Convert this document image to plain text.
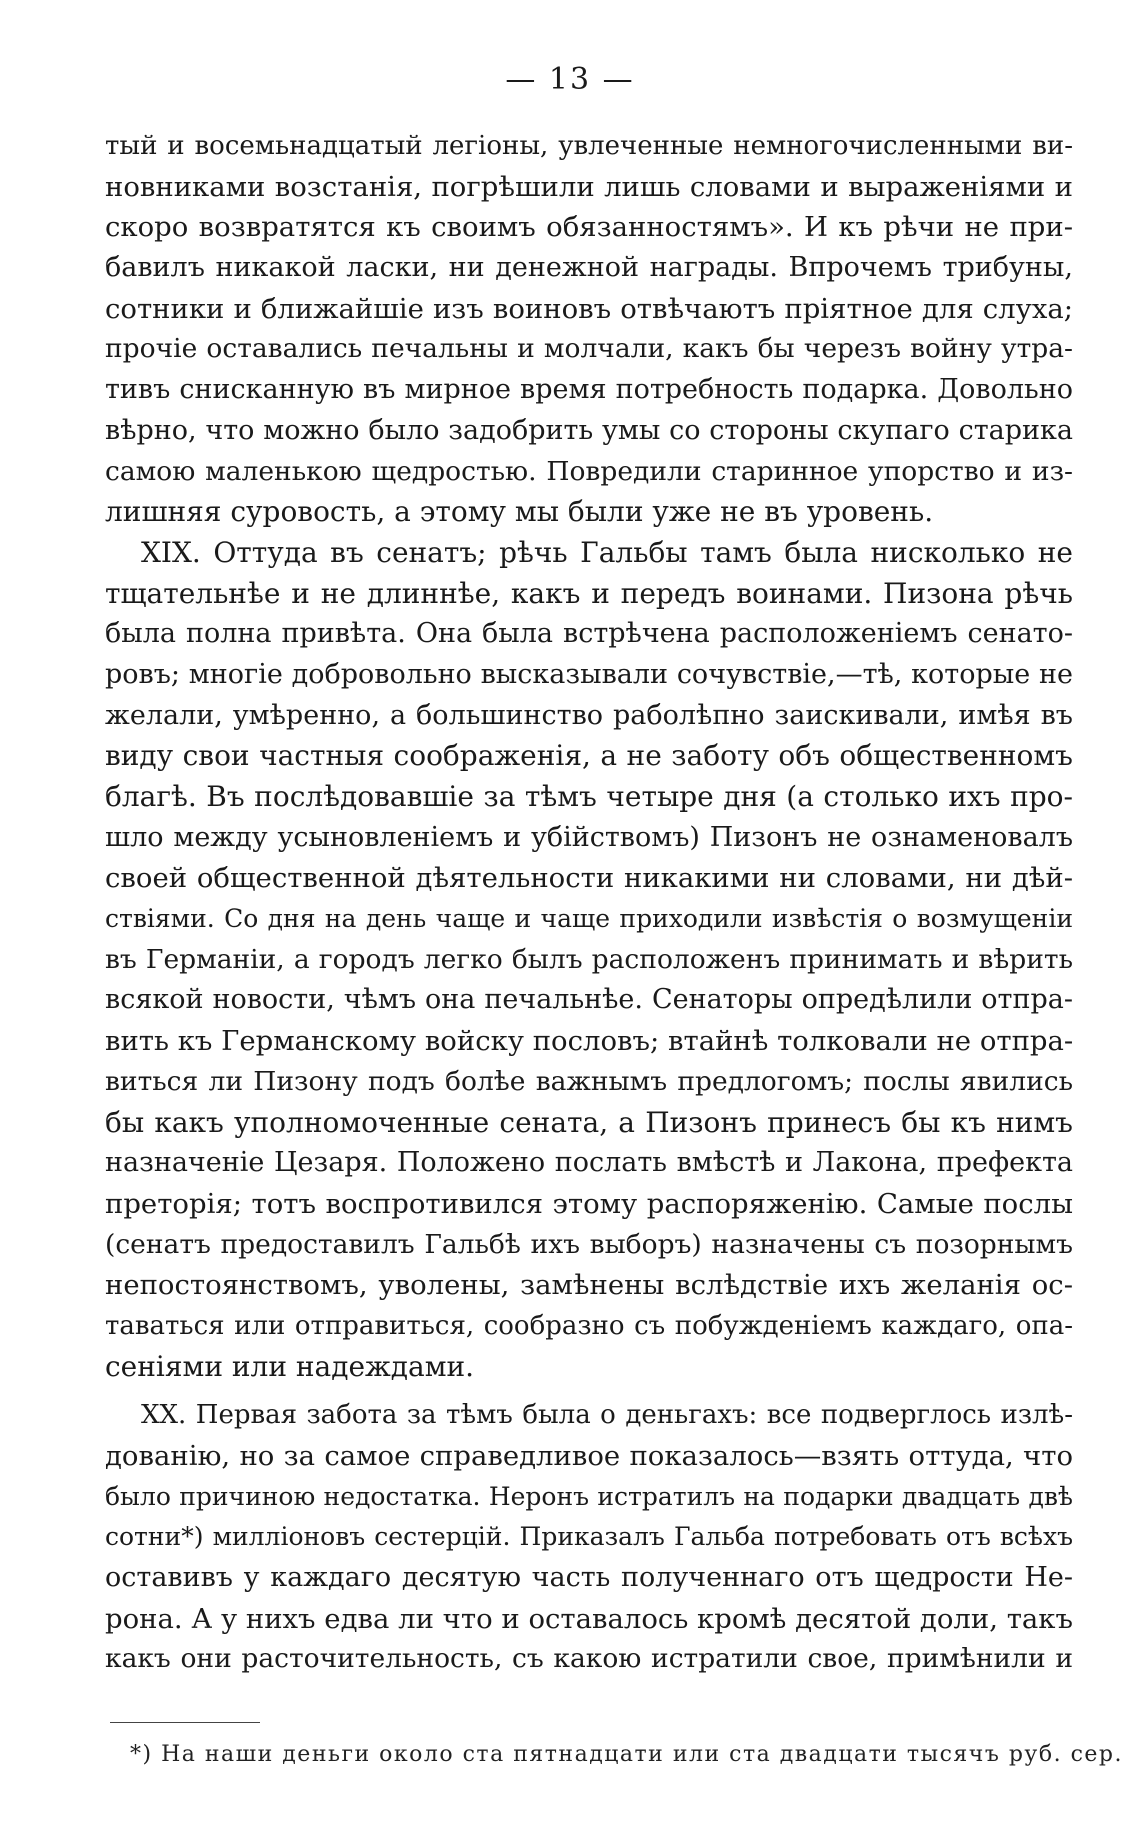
— 13 —
тый и восемьнадцатый легіоны, увлеченные немногочисленными ви-
новниками возстанія, погрѣшили лишь словами и выраженіями и
скоро возвратятся къ своимъ обязанностямъ». И къ рѣчи не при-
бавилъ никакой ласки, ни денежной награды. Впрочемъ трибуны,
сотники и ближайшіе изъ воиновъ отвѣчаютъ пріятное для слуха;
прочіе оставались печальны и молчали, какъ бы черезъ войну утра-
тивъ снисканную въ мирное время потребность подарка. Довольно
вѣрно, что можно было задобрить умы со стороны скупаго старика
самою маленькою щедростью. Повредили старинное упорство и из-
лишняя суровость, а этому мы были уже не въ уровень.
XIX. Оттуда въ сенатъ; рѣчь Гальбы тамъ была нисколько не
тщательнѣе и не длиннѣе, какъ и передъ воинами. Пизона рѣчь
была полна привѣта. Она была встрѣчена расположеніемъ сенато-
ровъ; многіе добровольно высказывали сочувствіе,—тѣ, которые не
желали, умѣренно, а большинство раболѣпно заискивали, имѣя въ
виду свои частныя соображенія, а не заботу объ общественномъ
благѣ. Въ послѣдовавшіе за тѣмъ четыре дня (а столько ихъ про-
шло между усыновленіемъ и убійствомъ) Пизонъ не ознаменовалъ
своей общественной дѣятельности никакими ни словами, ни дѣй-
ствіями. Со дня на день чаще и чаще приходили извѣстія о возмущеніи
въ Германіи, а городъ легко былъ расположенъ принимать и вѣрить
всякой новости, чѣмъ она печальнѣе. Сенаторы опредѣлили отпра-
вить къ Германскому войску пословъ; втайнѣ толковали не отпра-
виться ли Пизону подъ болѣе важнымъ предлогомъ; послы явились
бы какъ уполномоченные сената, а Пизонъ принесъ бы къ нимъ
назначеніе Цезаря. Положено послать вмѣстѣ и Лакона, префекта
преторія; тотъ воспротивился этому распоряженію. Самые послы
(сенатъ предоставилъ Гальбѣ ихъ выборъ) назначены съ позорнымъ
непостоянствомъ, уволены, замѣнены вслѣдствіе ихъ желанія ос-
таваться или отправиться, сообразно съ побужденіемъ каждаго, опа-
сеніями или надеждами.
XX. Первая забота за тѣмъ была о деньгахъ: все подверглось излѣ-
дованію, но за самое справедливое показалось—взять оттуда, что
было причиною недостатка. Неронъ истратилъ на подарки двадцать двѣ
сотни*) милліоновъ сестерцій. Приказалъ Гальба потребовать отъ всѣхъ
оставивъ у каждаго десятую часть полученнаго отъ щедрости Не-
рона. А у нихъ едва ли что и оставалось кромѣ десятой доли, такъ
какъ они расточительность, съ какою истратили свое, примѣнили и
*) На наши деньги около ста пятнадцати или ста двадцати тысячъ руб. сер.
